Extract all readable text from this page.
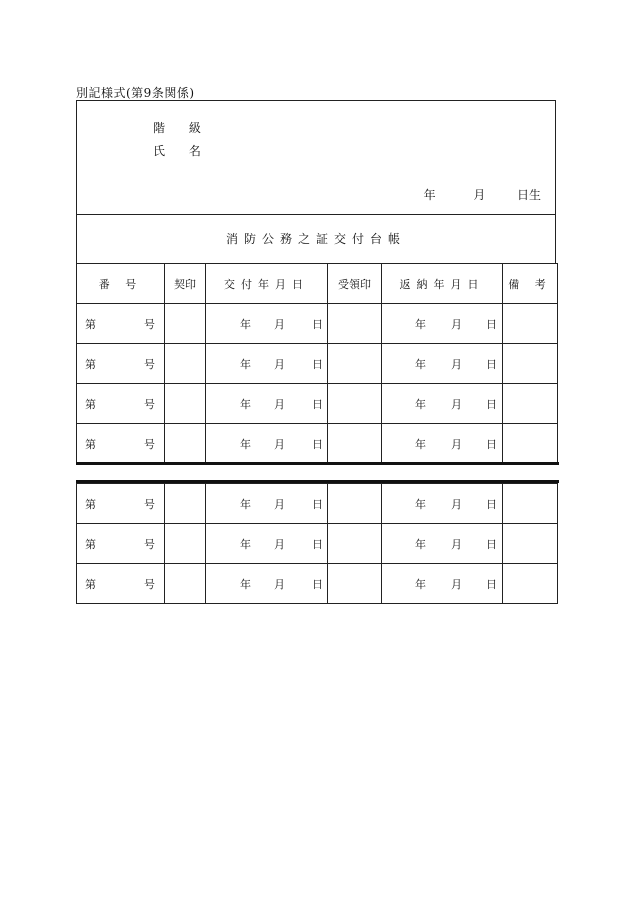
別記様式(第9条関係)
階 級
氏 名
年	月	日生
消防公務之証交付台帳
番 号	契印	交付年月日	受領印	返納年月日	備 考

第 号		年 月 日		年 月 日	

第 号		年 月 日		年 月 日	

第 号		年 月 日		年 月 日	

第 号		年 月 日		年 月 日	

第 号		年 月 日		年 月 日	

第 号		年 月 日		年 月 日	

第 号		年 月 日		年 月 日	
